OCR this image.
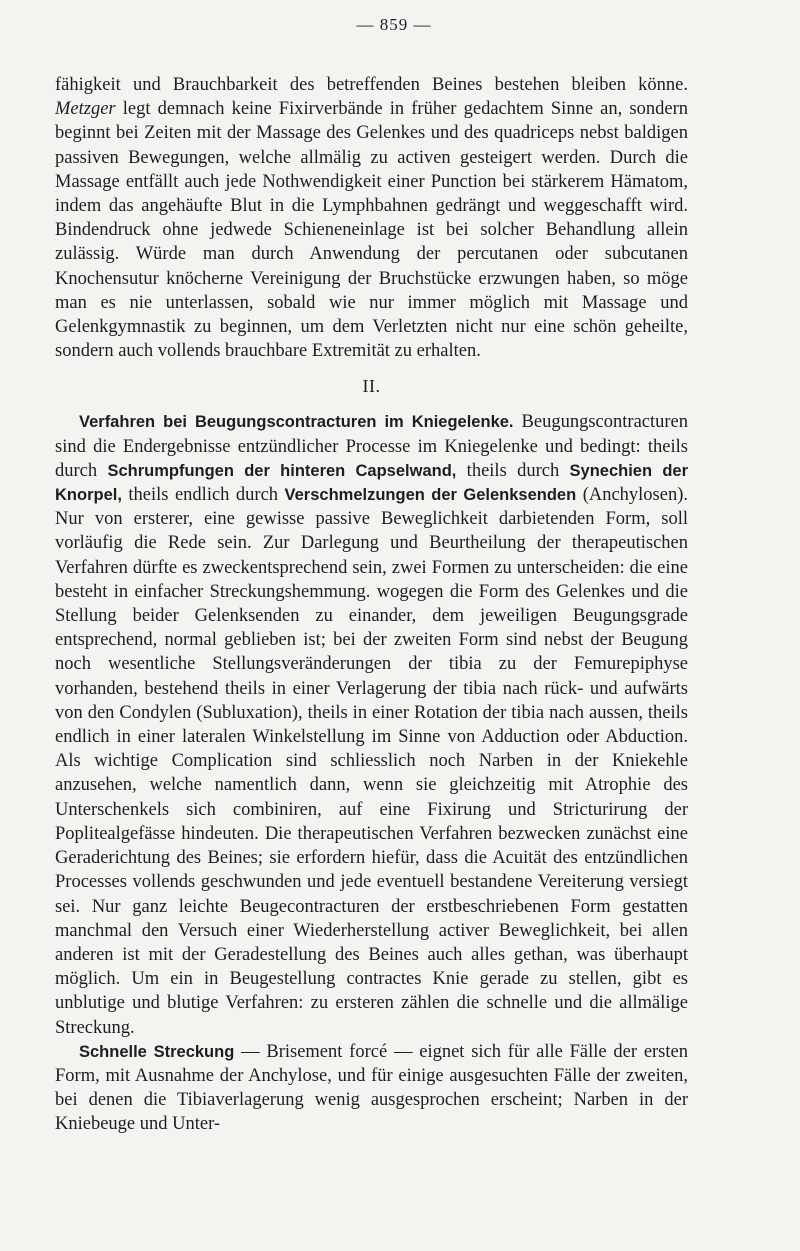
— 859 —

fähigkeit und Brauchbarkeit des betreffenden Beines bestehen bleiben könne. Metzger legt demnach keine Fixirverbände in früher gedachtem Sinne an, sondern beginnt bei Zeiten mit der Massage des Gelenkes und des quadriceps nebst baldigen passiven Bewegungen, welche allmälig zu activen gesteigert werden. Durch die Massage entfällt auch jede Nothwendigkeit einer Punction bei stärkerem Hämatom, indem das angehäufte Blut in die Lymphbahnen gedrängt und weggeschafft wird. Bindendruck ohne jedwede Schieneneinlage ist bei solcher Behandlung allein zulässig. Würde man durch Anwendung der percutanen oder subcutanen Knochensutur knöcherne Vereinigung der Bruchstücke erzwungen haben, so möge man es nie unterlassen, sobald wie nur immer möglich mit Massage und Gelenkgymnastik zu beginnen, um dem Verletzten nicht nur eine schön geheilte, sondern auch vollends brauchbare Extremität zu erhalten.

II.

Verfahren bei Beugungscontracturen im Kniegelenke. Beugungscontracturen sind die Endergebnisse entzündlicher Processe im Kniegelenke und bedingt: theils durch Schrumpfungen der hinteren Capselwand, theils durch Synechien der Knorpel, theils endlich durch Verschmelzungen der Gelenksenden (Anchylosen). Nur von ersterer, eine gewisse passive Beweglichkeit darbietenden Form, soll vorläufig die Rede sein. Zur Darlegung und Beurtheilung der therapeutischen Verfahren dürfte es zweckentsprechend sein, zwei Formen zu unterscheiden: die eine besteht in einfacher Streckungshemmung. wogegen die Form des Gelenkes und die Stellung beider Gelenksenden zu einander, dem jeweiligen Beugungsgrade entsprechend, normal geblieben ist; bei der zweiten Form sind nebst der Beugung noch wesentliche Stellungsveränderungen der tibia zu der Femurepiphyse vorhanden, bestehend theils in einer Verlagerung der tibia nach rück- und aufwärts von den Condylen (Subluxation), theils in einer Rotation der tibia nach aussen, theils endlich in einer lateralen Winkelstellung im Sinne von Adduction oder Abduction. Als wichtige Complication sind schliesslich noch Narben in der Kniekehle anzusehen, welche namentlich dann, wenn sie gleichzeitig mit Atrophie des Unterschenkels sich combiniren, auf eine Fixirung und Stricturirung der Poplitealgefässe hindeuten. Die therapeutischen Verfahren bezwecken zunächst eine Geraderichtung des Beines; sie erfordern hiefür, dass die Acuität des entzündlichen Processes vollends geschwunden und jede eventuell bestandene Vereiterung versiegt sei. Nur ganz leichte Beugecontracturen der erstbeschriebenen Form gestatten manchmal den Versuch einer Wiederherstellung activer Beweglichkeit, bei allen anderen ist mit der Geradestellung des Beines auch alles gethan, was überhaupt möglich. Um ein in Beugestellung contractes Knie gerade zu stellen, gibt es unblutige und blutige Verfahren: zu ersteren zählen die schnelle und die allmälige Streckung.

Schnelle Streckung — Brisement forcé — eignet sich für alle Fälle der ersten Form, mit Ausnahme der Anchylose, und für einige ausgesuchten Fälle der zweiten, bei denen die Tibiaverlagerung wenig ausgesprochen erscheint; Narben in der Kniebeuge und Unter-
